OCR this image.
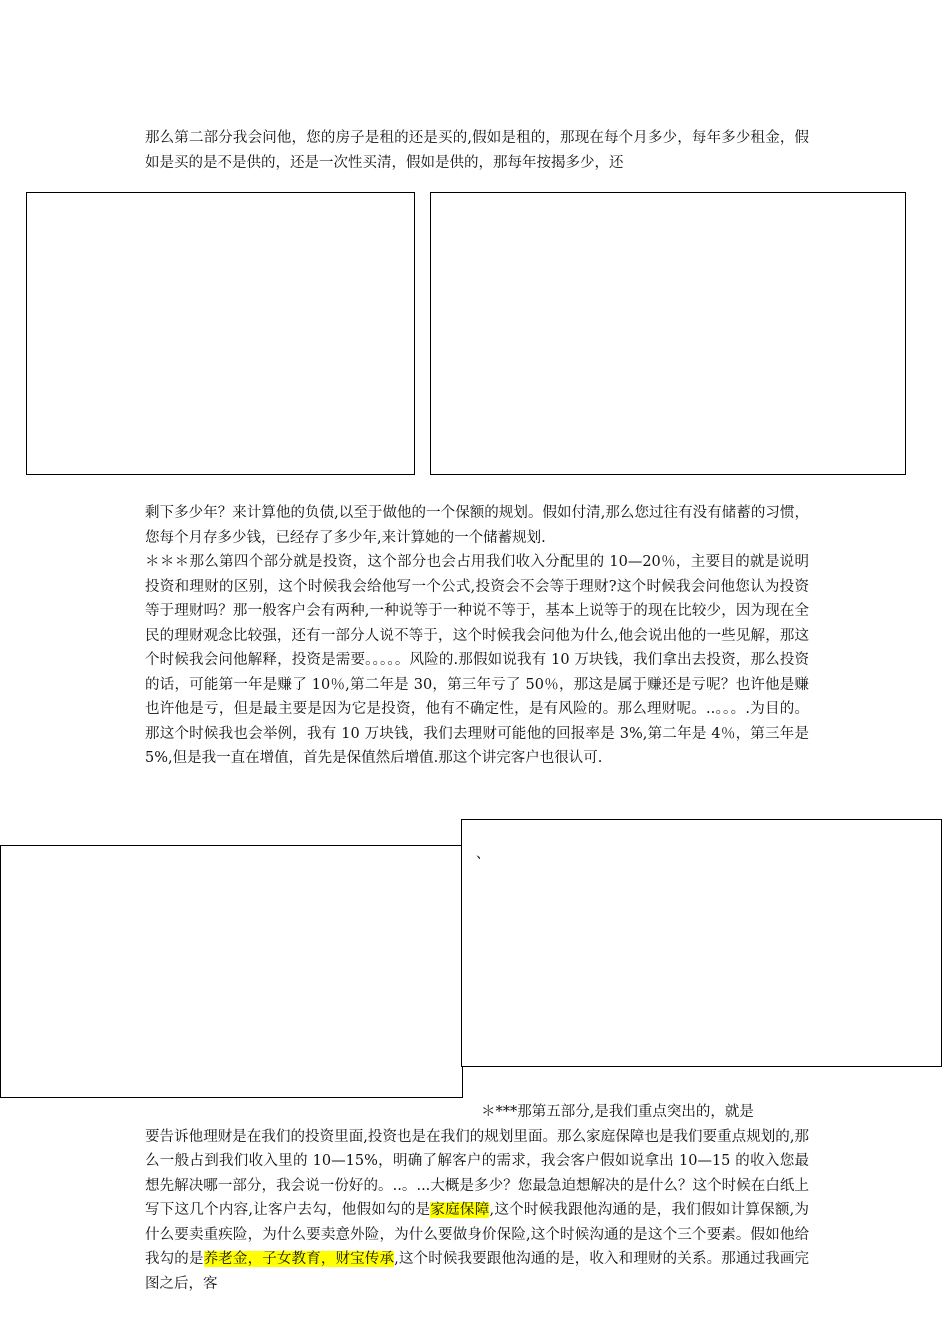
那么第二部分我会问他，您的房子是租的还是买的,假如是租的，那现在每个月多少，每年多少租金，假如是买的是不是供的，还是一次性买清，假如是供的，那每年按揭多少，还

剩下多少年？来计算他的负债,以至于做他的一个保额的规划。假如付清,那么您过往有没有储蓄的习惯，您每个月存多少钱，已经存了多少年,来计算她的一个储蓄规划.
＊＊＊那么第四个部分就是投资，这个部分也会占用我们收入分配里的 10—20％，主要目的就是说明投资和理财的区别，这个时候我会给他写一个公式,投资会不会等于理财?这个时候我会问他您认为投资等于理财吗？那一般客户会有两种,一种说等于一种说不等于，基本上说等于的现在比较少，因为现在全民的理财观念比较强，还有一部分人说不等于，这个时候我会问他为什么,他会说出他的一些见解，那这个时候我会问他解释，投资是需要。。。。。风险的.那假如说我有 10 万块钱，我们拿出去投资，那么投资的话，可能第一年是赚了 10％,第二年是 30，第三年亏了 50％，那这是属于赚还是亏呢？也许他是赚也许他是亏，但是最主要是因为它是投资，他有不确定性，是有风险的。那么理财呢。..。。。.为目的。那这个时候我也会举例，我有 10 万块钱，我们去理财可能他的回报率是 3%,第二年是 4％，第三年是 5%,但是我一直在增值，首先是保值然后增值.那这个讲完客户也很认可.
、

＊***那第五部分,是我们重点突出的，就是
要告诉他理财是在我们的投资里面,投资也是在我们的规划里面。那么家庭保障也是我们要重点规划的,那么一般占到我们收入里的 10—15%，明确了解客户的需求，我会客户假如说拿出 10—15 的收入您最想先解决哪一部分，我会说一份好的。..。...大概是多少？您最急迫想解决的是什么？这个时候在白纸上写下这几个内容,让客户去勾，他假如勾的是家庭保障,这个时候我跟他沟通的是，我们假如计算保额,为什么要卖重疾险，为什么要卖意外险，为什么要做身价保险,这个时候沟通的是这个三个要素。假如他给我勾的是养老金，子女教育，财宝传承,这个时候我要跟他沟通的是，收入和理财的关系。那通过我画完图之后，客
